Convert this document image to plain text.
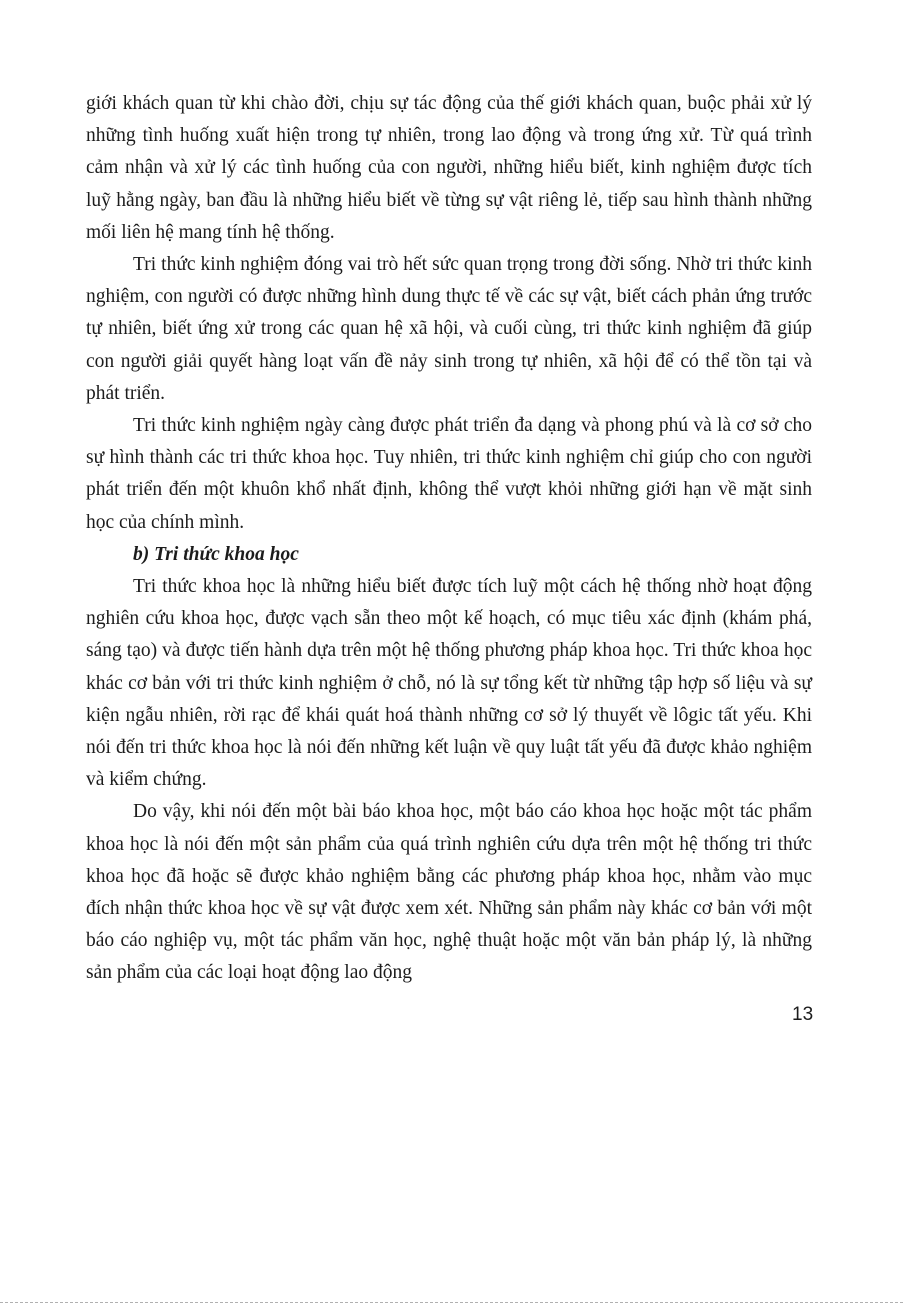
giới khách quan từ khi chào đời, chịu sự tác động của thế giới khách quan, buộc phải xử lý những tình huống xuất hiện trong tự nhiên, trong lao động và trong ứng xử. Từ quá trình cảm nhận và xử lý các tình huống của con người, những hiểu biết, kinh nghiệm được tích luỹ hằng ngày, ban đầu là những hiểu biết về từng sự vật riêng lẻ, tiếp sau hình thành những mối liên hệ mang tính hệ thống.

Tri thức kinh nghiệm đóng vai trò hết sức quan trọng trong đời sống. Nhờ tri thức kinh nghiệm, con người có được những hình dung thực tế về các sự vật, biết cách phản ứng trước tự nhiên, biết ứng xử trong các quan hệ xã hội, và cuối cùng, tri thức kinh nghiệm đã giúp con người giải quyết hàng loạt vấn đề nảy sinh trong tự nhiên, xã hội để có thể tồn tại và phát triển.

Tri thức kinh nghiệm ngày càng được phát triển đa dạng và phong phú và là cơ sở cho sự hình thành các tri thức khoa học. Tuy nhiên, tri thức kinh nghiệm chỉ giúp cho con người phát triển đến một khuôn khổ nhất định, không thể vượt khỏi những giới hạn về mặt sinh học của chính mình.

b) Tri thức khoa học

Tri thức khoa học là những hiểu biết được tích luỹ một cách hệ thống nhờ hoạt động nghiên cứu khoa học, được vạch sẵn theo một kế hoạch, có mục tiêu xác định (khám phá, sáng tạo) và được tiến hành dựa trên một hệ thống phương pháp khoa học. Tri thức khoa học khác cơ bản với tri thức kinh nghiệm ở chỗ, nó là sự tổng kết từ những tập hợp số liệu và sự kiện ngẫu nhiên, rời rạc để khái quát hoá thành những cơ sở lý thuyết về lôgic tất yếu. Khi nói đến tri thức khoa học là nói đến những kết luận về quy luật tất yếu đã được khảo nghiệm và kiểm chứng.

Do vậy, khi nói đến một bài báo khoa học, một báo cáo khoa học hoặc một tác phẩm khoa học là nói đến một sản phẩm của quá trình nghiên cứu dựa trên một hệ thống tri thức khoa học đã hoặc sẽ được khảo nghiệm bằng các phương pháp khoa học, nhằm vào mục đích nhận thức khoa học về sự vật được xem xét. Những sản phẩm này khác cơ bản với một báo cáo nghiệp vụ, một tác phẩm văn học, nghệ thuật hoặc một văn bản pháp lý, là những sản phẩm của các loại hoạt động lao động

13
